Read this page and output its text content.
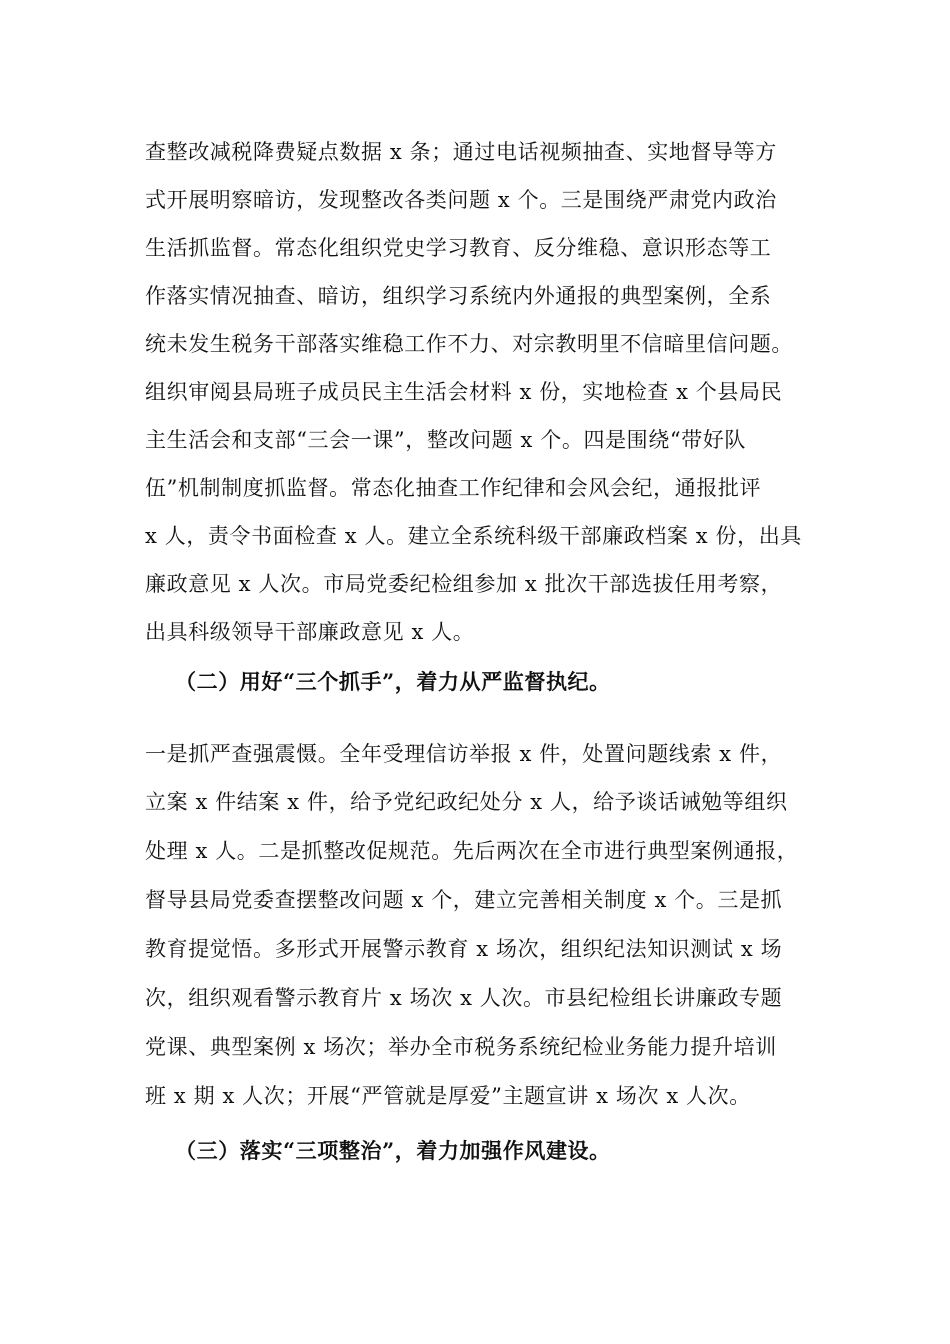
查整改减税降费疑点数据 x 条；通过电话视频抽查、实地督导等方
式开展明察暗访，发现整改各类问题 x 个。三是围绕严肃党内政治
生活抓监督。常态化组织党史学习教育、反分维稳、意识形态等工
作落实情况抽查、暗访，组织学习系统内外通报的典型案例，全系
统未发生税务干部落实维稳工作不力、对宗教明里不信暗里信问题。
组织审阅县局班子成员民主生活会材料 x 份，实地检查 x 个县局民
主生活会和支部“三会一课”，整改问题 x 个。四是围绕“带好队
伍”机制制度抓监督。常态化抽查工作纪律和会风会纪，通报批评
x 人，责令书面检查 x 人。建立全系统科级干部廉政档案 x 份，出具
廉政意见 x 人次。市局党委纪检组参加 x 批次干部选拔任用考察，
出具科级领导干部廉政意见 x 人。
（二）用好“三个抓手”，着力从严监督执纪。
一是抓严查强震慑。全年受理信访举报 x 件，处置问题线索 x 件，
立案 x 件结案 x 件，给予党纪政纪处分 x 人，给予谈话诫勉等组织
处理 x 人。二是抓整改促规范。先后两次在全市进行典型案例通报，
督导县局党委查摆整改问题 x 个，建立完善相关制度 x 个。三是抓
教育提觉悟。多形式开展警示教育 x 场次，组织纪法知识测试 x 场
次，组织观看警示教育片 x 场次 x 人次。市县纪检组长讲廉政专题
党课、典型案例 x 场次；举办全市税务系统纪检业务能力提升培训
班 x 期 x 人次；开展“严管就是厚爱”主题宣讲 x 场次 x 人次。
（三）落实“三项整治”，着力加强作风建设。
